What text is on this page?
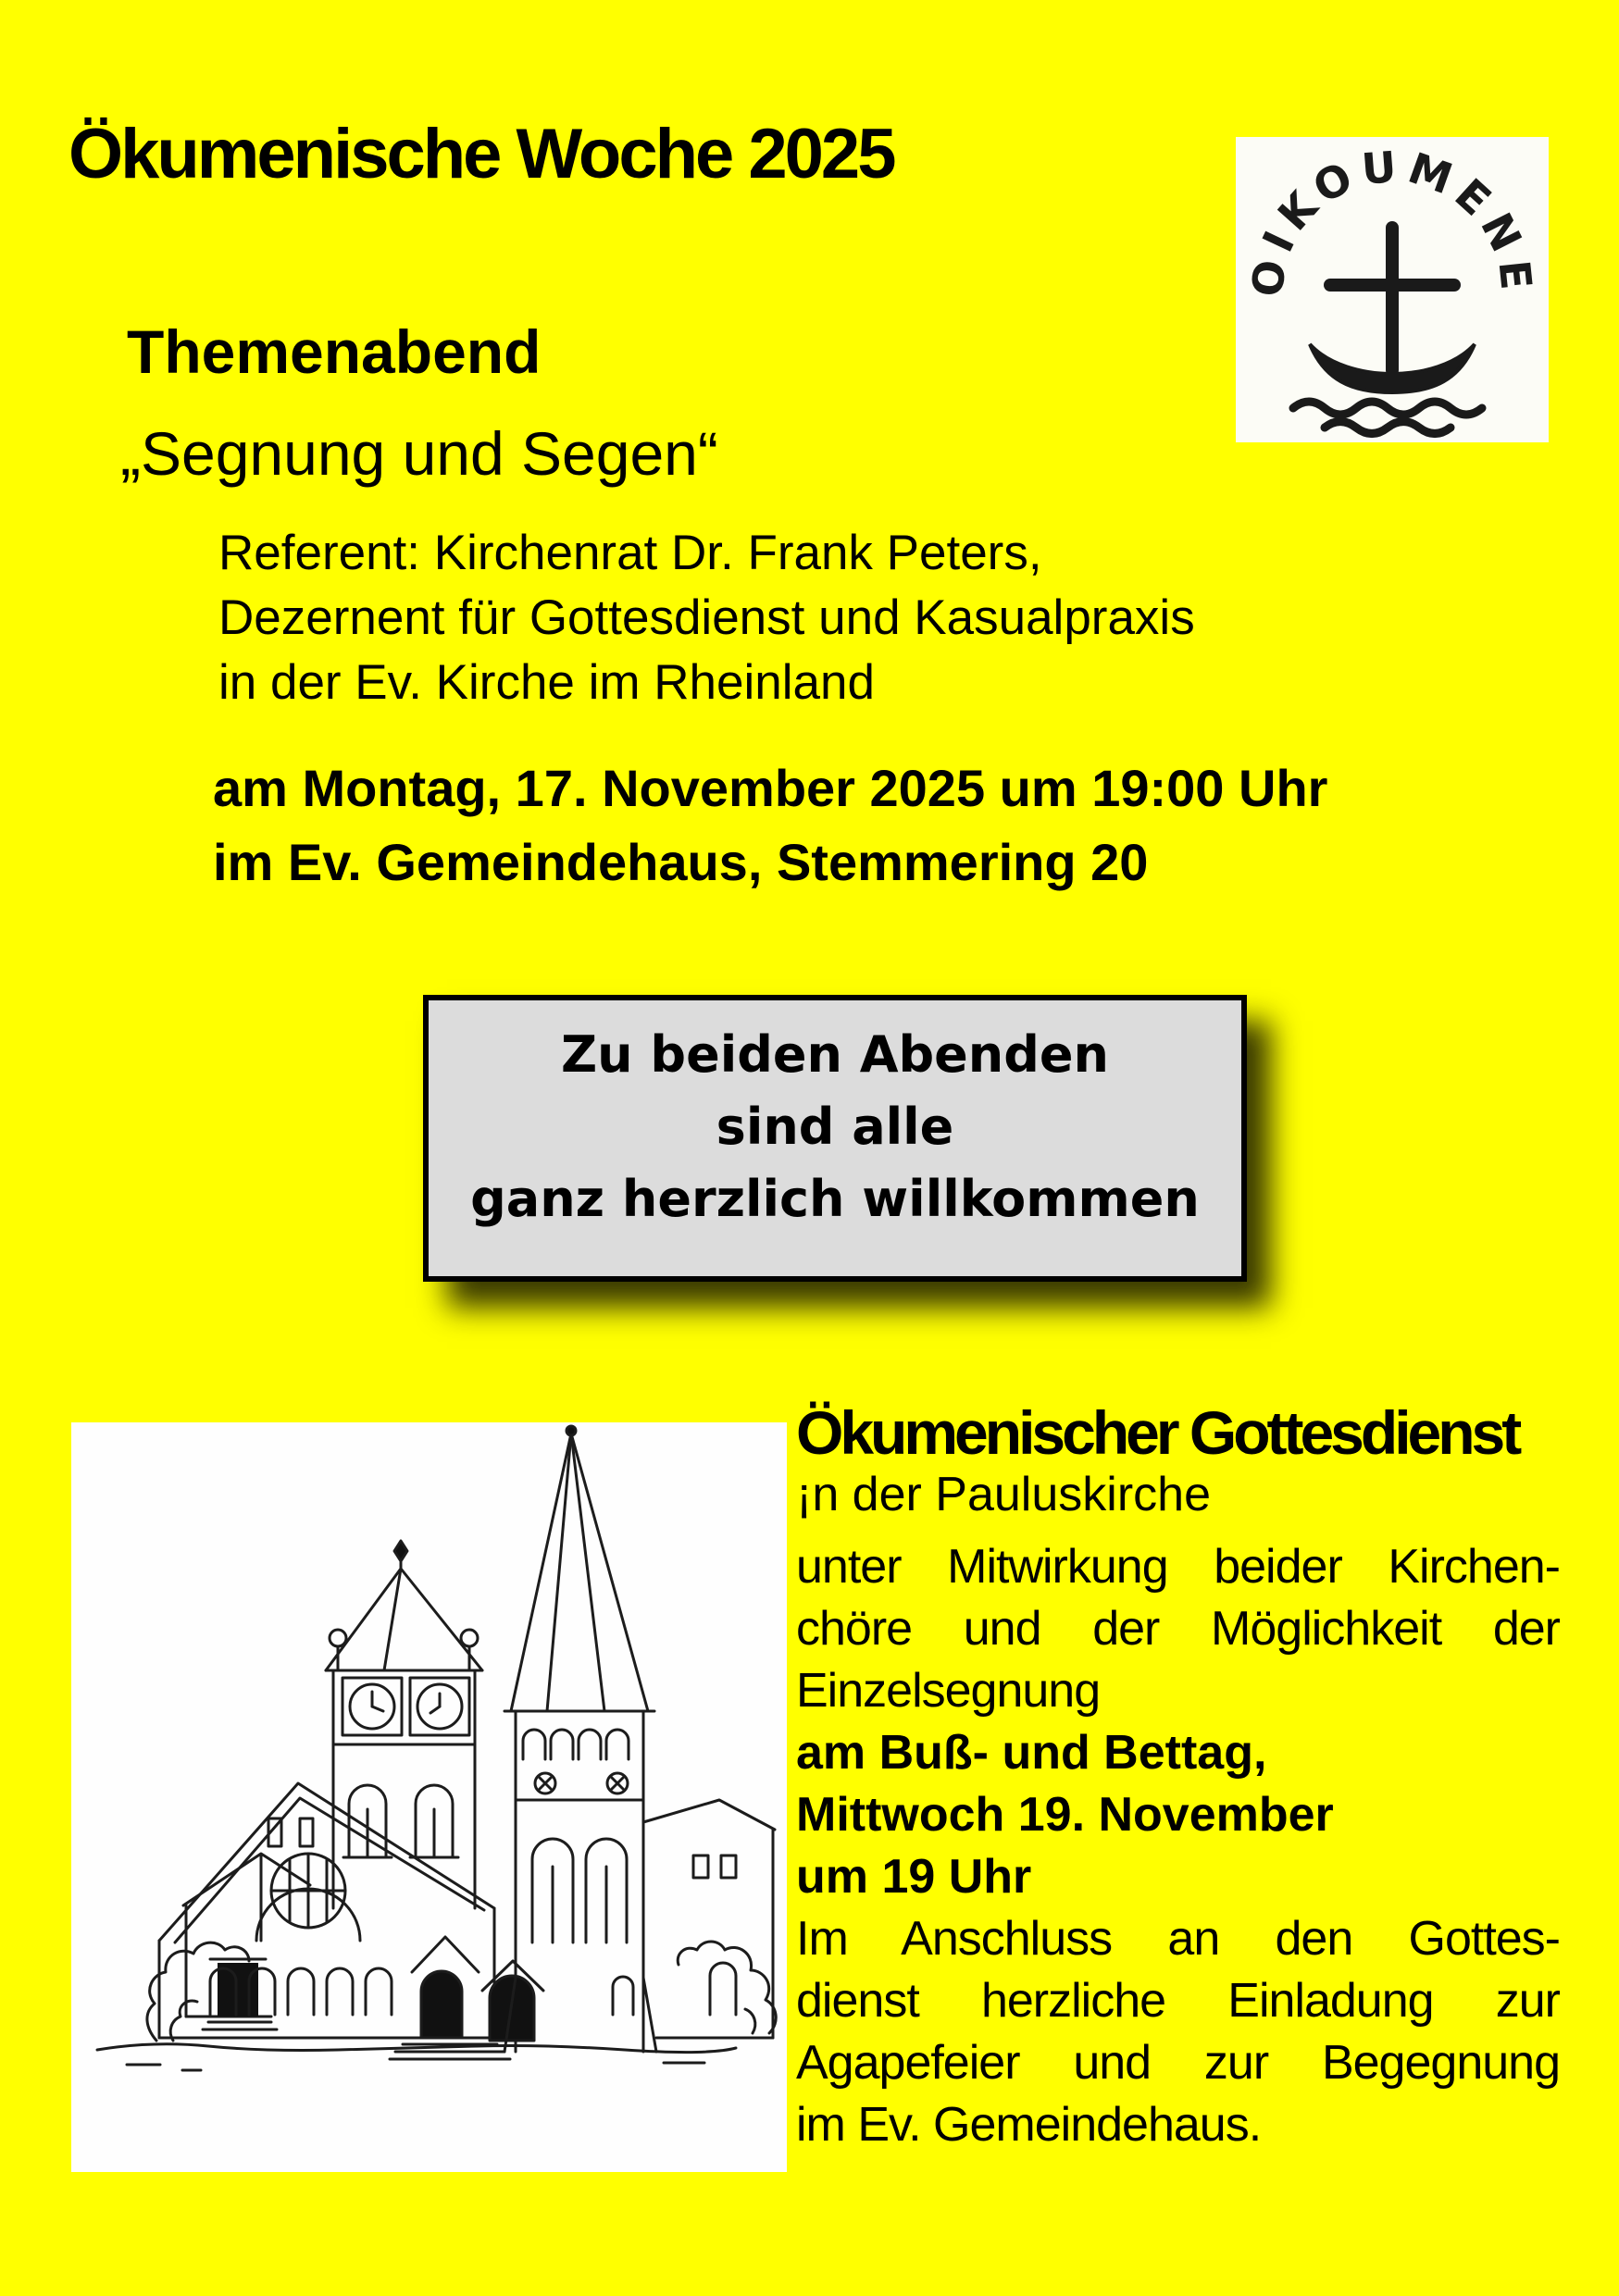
Ökumenische Woche 2025
OIKOUMENE
Themenabend
„Segnung und Segen“
Referent: Kirchenrat Dr. Frank Peters,
Dezernent für Gottesdienst und Kasualpraxis
in der Ev. Kirche im Rheinland
am Montag, 17. November 2025 um 19:00 Uhr
im Ev. Gemeindehaus, Stemmering 20
Zu beiden Abenden
sind alle
ganz herzlich willkommen
Ökumenischer Gottesdienst
¡n der Pauluskirche
unter Mitwirkung beider Kirchen-
chöre und der Möglichkeit der
Einzelsegnung
am Buß- und Bettag,
Mittwoch 19. November
um 19 Uhr
Im Anschluss an den Gottes-
dienst herzliche Einladung zur
Agapefeier und zur Begegnung
im Ev. Gemeindehaus.
